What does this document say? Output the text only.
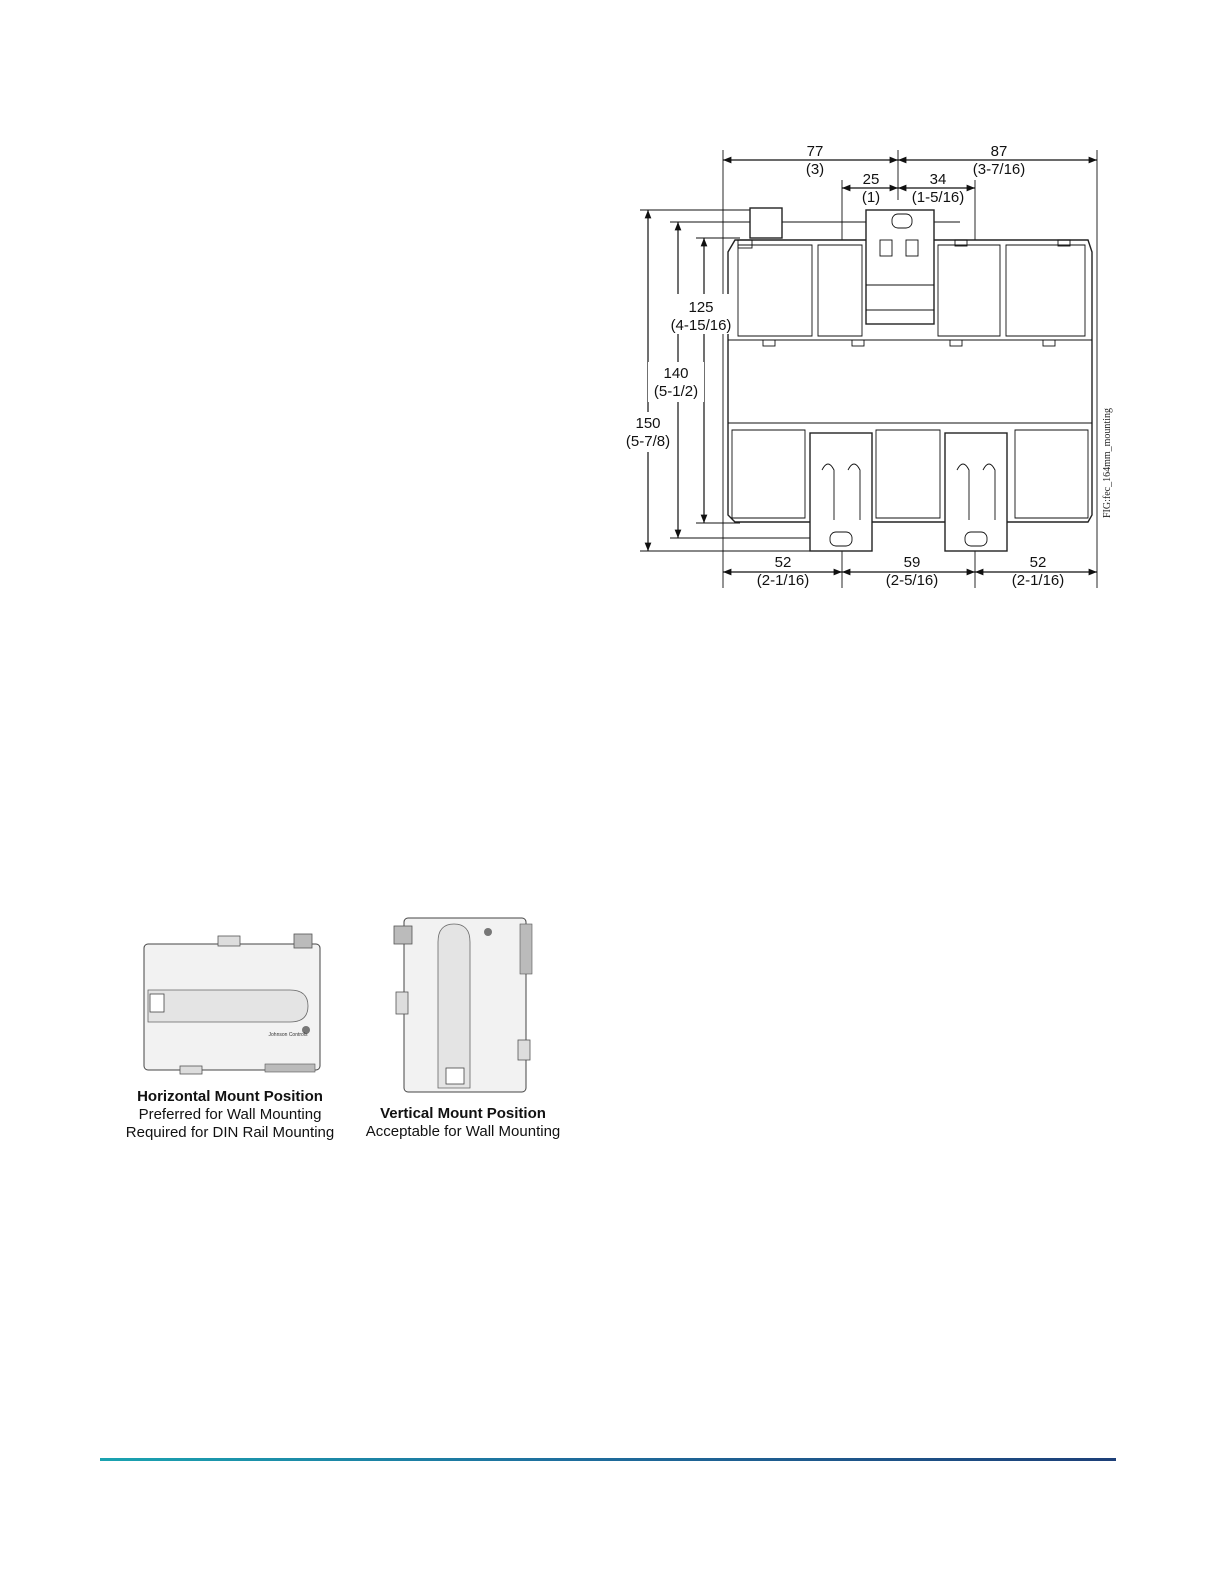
77
(3)
87
(3-7/16)
25
(1)
34
(1-5/16)
125
(4-15/16)
140
(5-1/2)
150
(5-7/8)
52
(2-1/16)
59
(2-5/16)
52
(2-1/16)
FIG:fec_164mm_mounting
Johnson Controls
Horizontal Mount Position
Preferred for Wall Mounting
Required for DIN Rail Mounting
Vertical Mount Position
Acceptable for Wall Mounting
